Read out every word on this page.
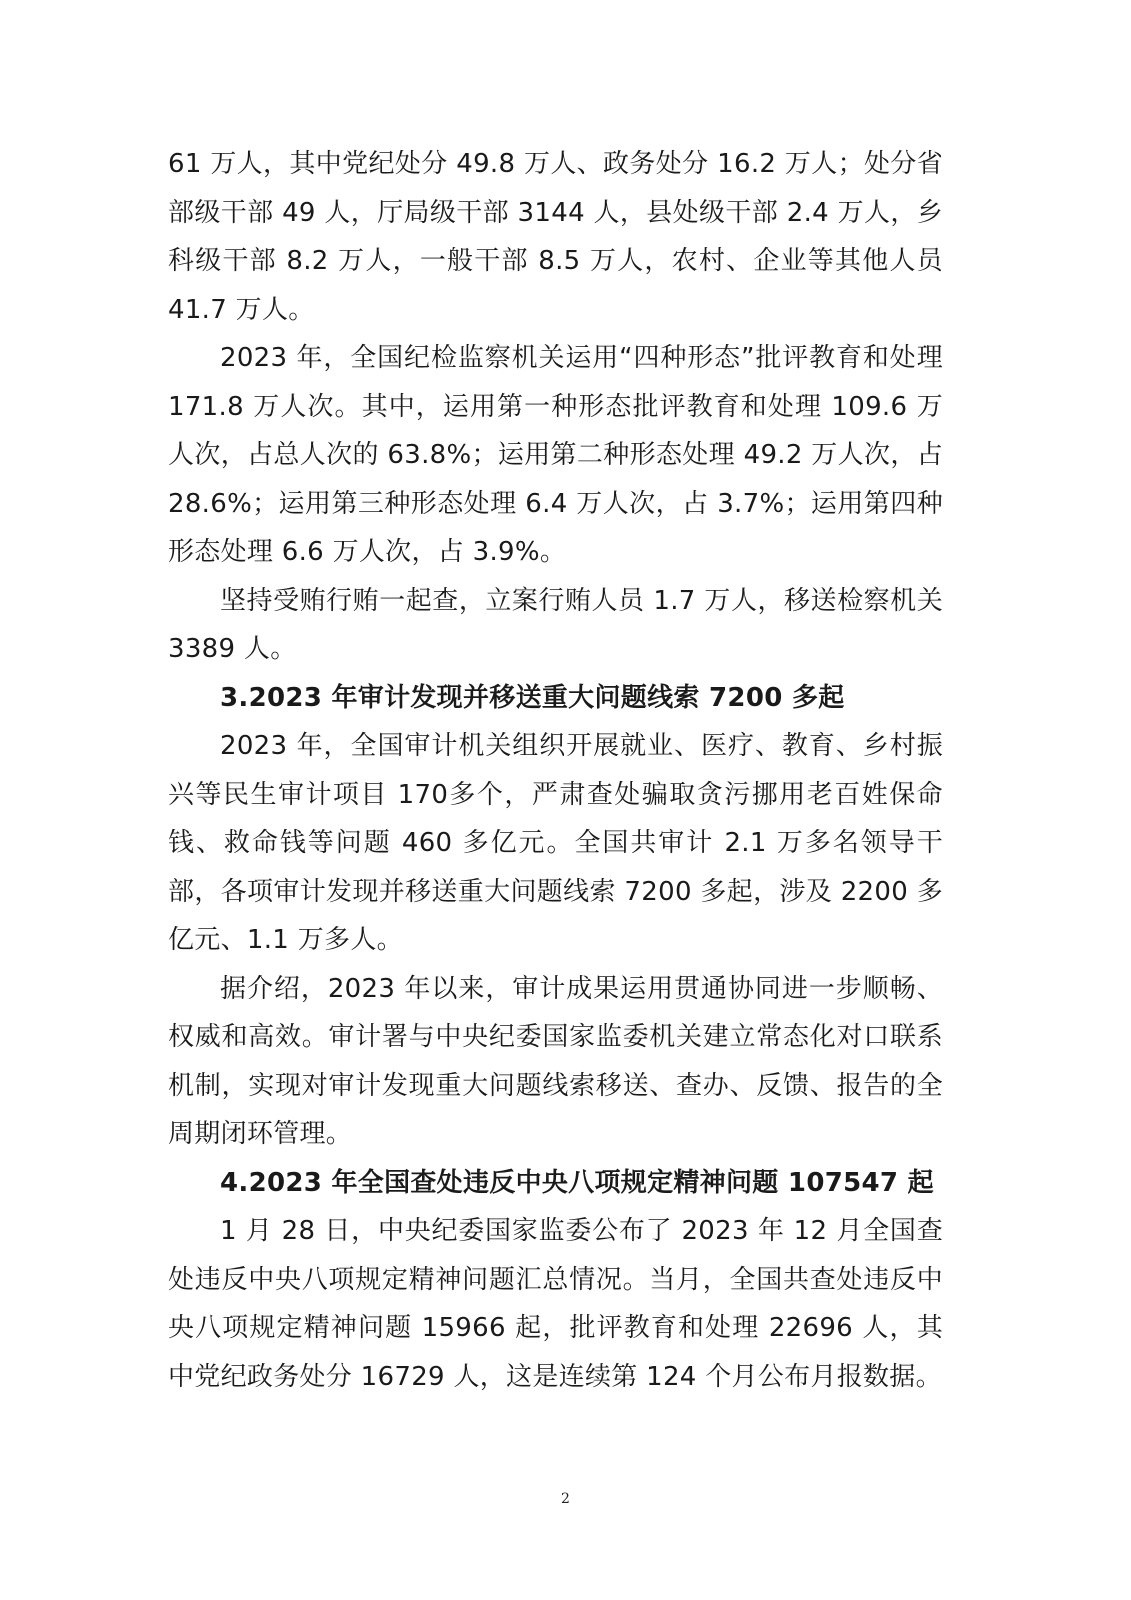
61 万人，其中党纪处分 49.8 万人、政务处分 16.2 万人；处分省部级干部 49 人，厅局级干部 3144 人，县处级干部 2.4 万人，乡科级干部 8.2 万人，一般干部 8.5 万人，农村、企业等其他人员 41.7 万人。

2023 年，全国纪检监察机关运用“四种形态”批评教育和处理 171.8 万人次。其中，运用第一种形态批评教育和处理 109.6 万人次，占总人次的 63.8%；运用第二种形态处理 49.2 万人次，占 28.6%；运用第三种形态处理 6.4 万人次，占 3.7%；运用第四种形态处理 6.6 万人次，占 3.9%。

坚持受贿行贿一起查，立案行贿人员 1.7 万人，移送检察机关 3389 人。

3.2023 年审计发现并移送重大问题线索 7200 多起

2023 年，全国审计机关组织开展就业、医疗、教育、乡村振兴等民生审计项目 170多个，严肃查处骗取贪污挪用老百姓保命钱、救命钱等问题 460 多亿元。全国共审计 2.1 万多名领导干部，各项审计发现并移送重大问题线索 7200 多起，涉及 2200 多亿元、1.1 万多人。

据介绍，2023 年以来，审计成果运用贯通协同进一步顺畅、权威和高效。审计署与中央纪委国家监委机关建立常态化对口联系机制，实现对审计发现重大问题线索移送、查办、反馈、报告的全周期闭环管理。

4.2023 年全国查处违反中央八项规定精神问题 107547 起

1 月 28 日，中央纪委国家监委公布了 2023 年 12 月全国查处违反中央八项规定精神问题汇总情况。当月，全国共查处违反中央八项规定精神问题 15966 起，批评教育和处理 22696 人，其中党纪政务处分 16729 人，这是连续第 124 个月公布月报数据。

2
